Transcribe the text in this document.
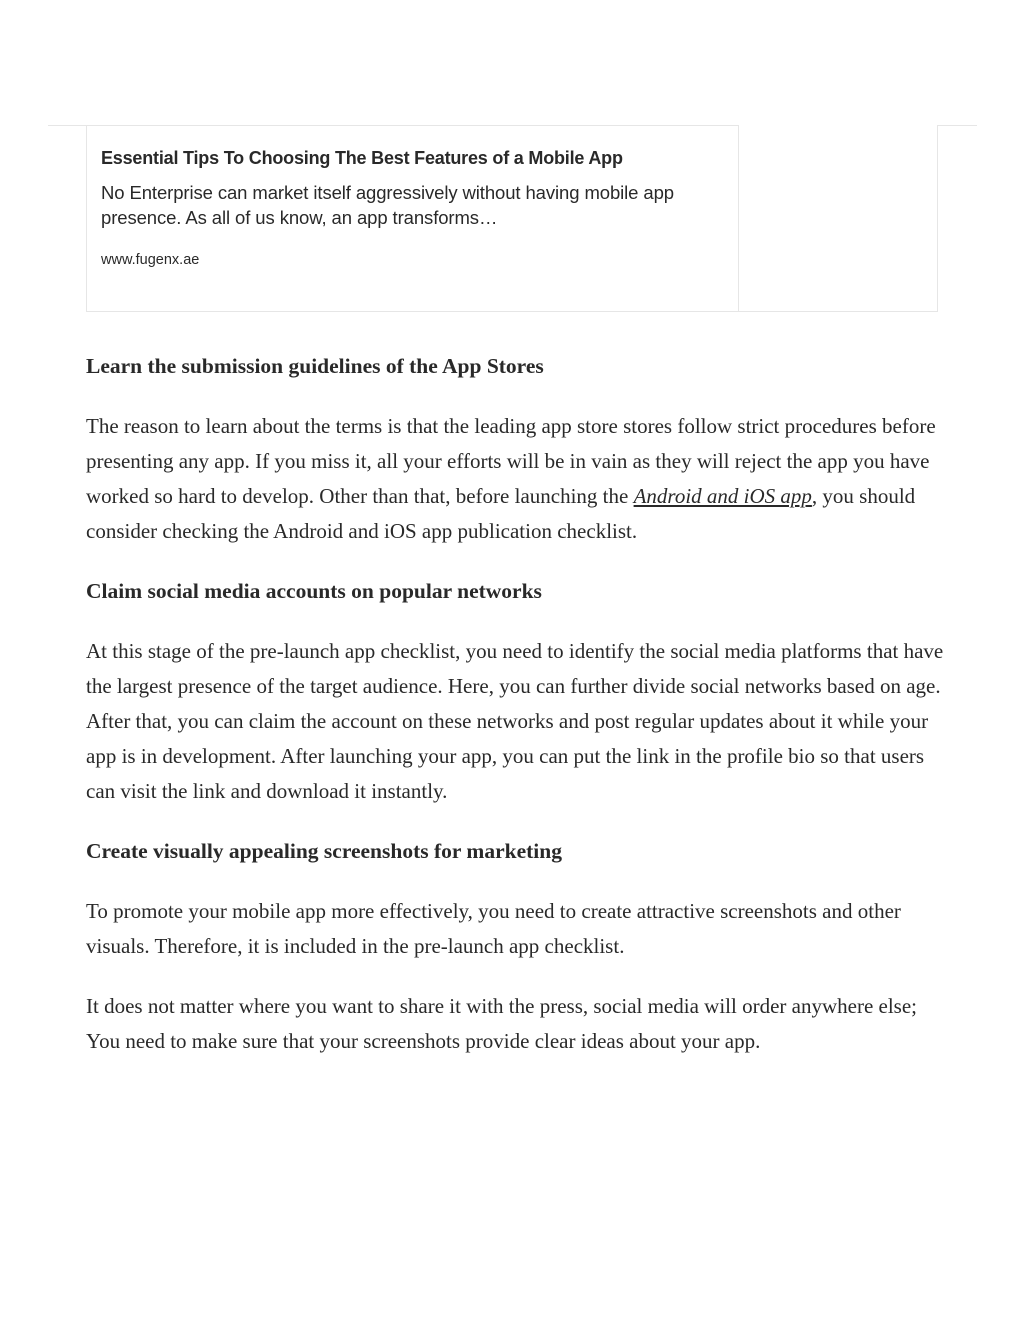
Essential Tips To Choosing The Best Features of a Mobile App
No Enterprise can market itself aggressively without having mobile app presence. As all of us know, an app transforms…
www.fugenx.ae
Learn the submission guidelines of the App Stores

The reason to learn about the terms is that the leading app store stores follow strict procedures before presenting any app. If you miss it, all your efforts will be in vain as they will reject the app you have worked so hard to develop. Other than that, before launching the Android and iOS app, you should consider checking the Android and iOS app publication checklist.

Claim social media accounts on popular networks

At this stage of the pre-launch app checklist, you need to identify the social media platforms that have the largest presence of the target audience. Here, you can further divide social networks based on age. After that, you can claim the account on these networks and post regular updates about it while your app is in development. After launching your app, you can put the link in the profile bio so that users can visit the link and download it instantly.

Create visually appealing screenshots for marketing

To promote your mobile app more effectively, you need to create attractive screenshots and other visuals. Therefore, it is included in the pre-launch app checklist.

It does not matter where you want to share it with the press, social media will order anywhere else; You need to make sure that your screenshots provide clear ideas about your app.
